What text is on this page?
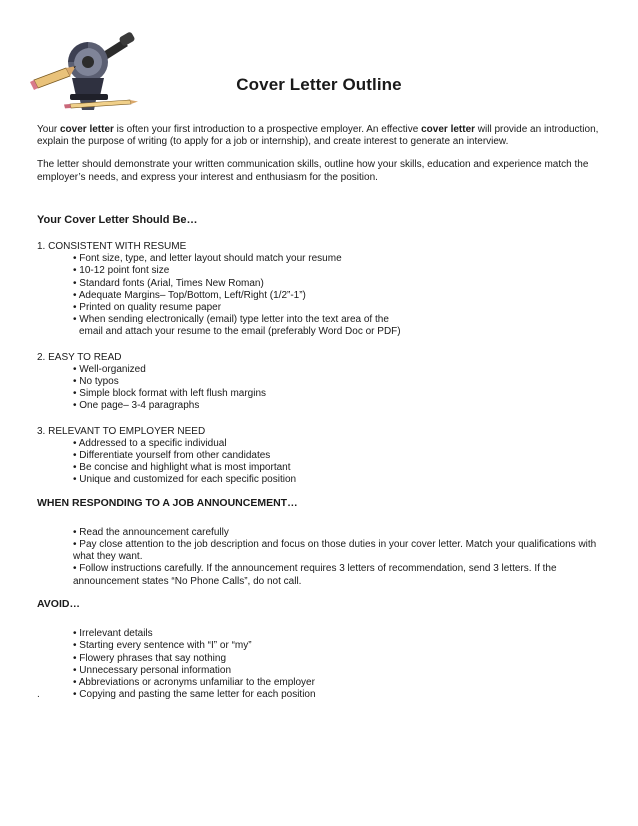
Cover Letter Outline

Your cover letter is often your first introduction to a prospective employer. An effective cover letter will provide an introduction, explain the purpose of writing (to apply for a job or internship), and create interest to generate an interview.

The letter should demonstrate your written communication skills, outline how your skills, education and experience match the employer’s needs, and express your interest and enthusiasm for the position.

Your Cover Letter Should Be…

1. CONSISTENT WITH RESUME

• Font size, type, and letter layout should match your resume
• 10-12 point font size
• Standard fonts (Arial, Times New Roman)
• Adequate Margins– Top/Bottom, Left/Right (1/2”-1”)
• Printed on quality resume paper
• When sending electronically (email) type letter into the text area of the
email and attach your resume to the email (preferably Word Doc or PDF)

2. EASY TO READ

• Well-organized
• No typos
• Simple block format with left flush margins
• One page– 3-4 paragraphs

3. RELEVANT TO EMPLOYER NEED

• Addressed to a specific individual
• Differentiate yourself from other candidates
• Be concise and highlight what is most important
• Unique and customized for each specific position

WHEN RESPONDING TO A JOB ANNOUNCEMENT…

• Read the announcement carefully
• Pay close attention to the job description and focus on those duties in your cover letter. Match your qualifications with what they want.
• Follow instructions carefully. If the announcement requires 3 letters of recommendation, send 3 letters. If the announcement states “No Phone Calls”, do not call.

AVOID…

• Irrelevant details
• Starting every sentence with “I” or “my”
• Flowery phrases that say nothing
• Unnecessary personal information
• Abbreviations or acronyms unfamiliar to the employer
• Copying and pasting the same letter for each position
.
